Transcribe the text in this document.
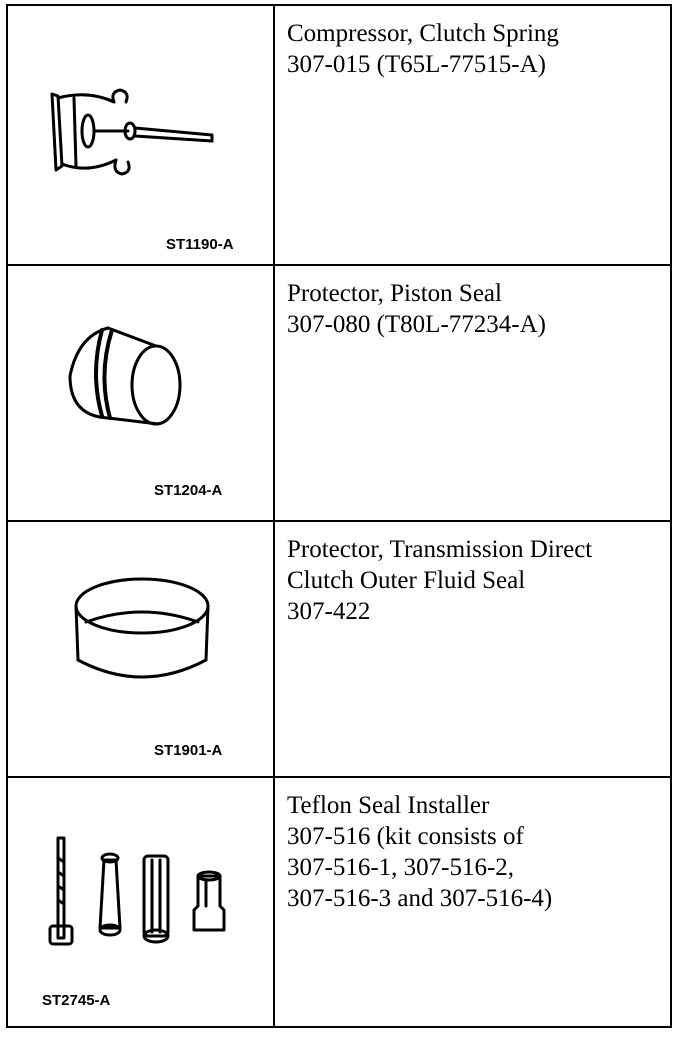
ST1190-A
Compressor, Clutch Spring
307-015 (T65L-77515-A)
ST1204-A
Protector, Piston Seal
307-080 (T80L-77234-A)
ST1901-A
Protector, Transmission Direct
Clutch Outer Fluid Seal
307-422
ST2745-A
Teflon Seal Installer
307-516 (kit consists of
307-516-1, 307-516-2,
307-516-3 and 307-516-4)
